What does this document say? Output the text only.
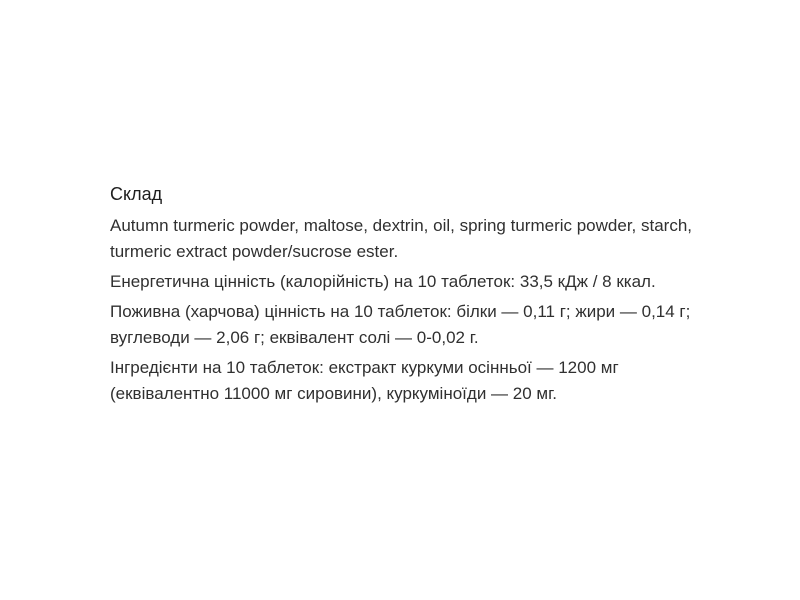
Склад

Autumn turmeric powder, maltose, dextrin, oil, spring turmeric powder, starch, turmeric extract powder/sucrose ester.

Енергетична цінність (калорійність) на 10 таблеток: 33,5 кДж / 8 ккал.

Поживна (харчова) цінність на 10 таблеток: білки — 0,11 г; жири — 0,14 г; вуглеводи — 2,06 г; еквівалент солі — 0-0,02 г.

Інгредієнти на 10 таблеток: екстракт куркуми осінньої — 1200 мг (еквівалентно 11000 мг сировини), куркуміноїди — 20 мг.
